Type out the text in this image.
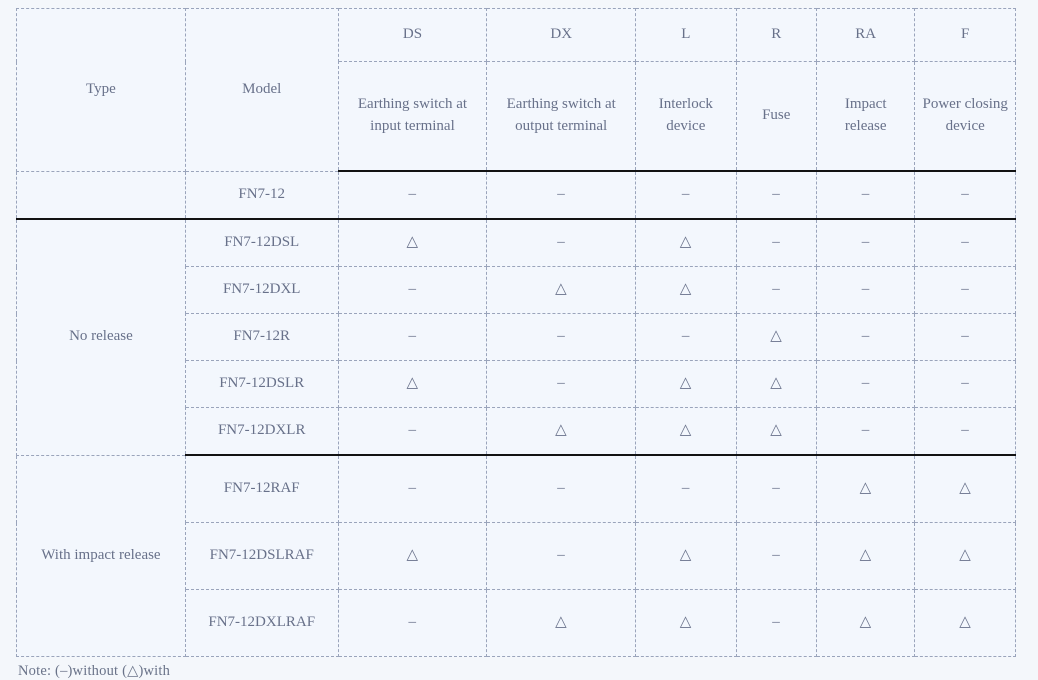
Type	Model	DS	DX	L	R	RA	F
		Earthing switch at input terminal	Earthing switch at output terminal	Interlock device	Fuse	Impact release	Power closing device
	FN7-12	–	–	–	–	–	–
No release	FN7-12DSL	△	–	△	–	–	–
	FN7-12DXL	–	△	△	–	–	–
	FN7-12R	–	–	–	△	–	–
	FN7-12DSLR	△	–	△	△	–	–
	FN7-12DXLR	–	△	△	△	–	–
With impact release	FN7-12RAF	–	–	–	–	△	△
	FN7-12DSLRAF	△	–	△	–	△	△
	FN7-12DXLRAF	–	△	△	–	△	△
Note: (–)without (△)with
